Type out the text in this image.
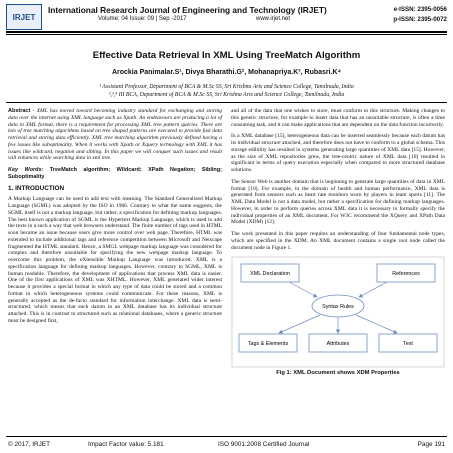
IRJET
International Research Journal of Engineering and Technology (IRJET)
Volume: 04 Issue: 09 | Sep -2017	www.irjet.net
e-ISSN: 2395-0056
p-ISSN: 2395-0072
Effective Data Retrieval In XML Using TreeMatch Algorithm
Arockia Panimalar.S¹, Divya Bharathi.G², Mohanapriya.K³, Rubasri.K⁴
¹ Assistant Professor, Department of BCA & M.Sc SS, Sri Krishna Arts and Science College, Tamilnadu, India
²,³,⁴ III BCA, Department of BCA & M.Sc SS, Sri Krishna Arts and Science College, Tamilnadu, India

Abstract - XML has moved toward becoming industry standard for exchanging and storing data over the internet using XML language such as Xpath. An endeavours are producing a lot of data in XML format, there is a requirement for processing XML tree pattern queries. There are lots of tree matching algorithms based on tree shaped patterns are executed to provide fast data retrieval and storing data efficiently. XML tree matching algorithm previously defined having a few issues like suboptimality. When it works with Xpath or Xquery technology with XML it has issues like wildcard, negation and sibling. In this paper we will conquer such issues and result will enhances while searching data in xml tree.

Key Words: TreeMatch algorithm; Wildcard; XPath Negation; Sibling; Suboptimality

1. INTRODUCTION

A Markup Language can be used to add text with meaning. The Standard Generalized Markup Language (SGML) was adopted by the ISO in 1986. Contrary to what the name suggests, the SGML itself is not a markup language, but rather, a specification for defining markup languages. The best known application of SGML is the Hypertext Markup Language, which is used to add the texts in a such a way that web browsers understand. The finite number of tags used in HTML soon became an issue because users give more control over web page. Therefore, HTML was extended to include additional tags and reference competition between Microsoft and Netscape fragmented the HTML standard. Hence, a SMGL webpage markup language was considered for complex and therefore unsuitable for specifying the new webpage markup language. To overcome this problem, the eXtensible Markup Language was introduced. XML is a specification language for defining markup languages. However, contrary to SGML, XML is human readable. Therefore, the development of applications that process XML data is easier. One of the first applications of XML was XHTML. However, XML generated wider interest because it provides a special format in which any type of data could be stored and a common format in which heterogeneous systems could communicate. For these reasons, XML is generally accepted as the de-facto standard for information interchange. XML data is semi-structured, which means that each datum in an XML database has its individual structure attached. This is in contrast to structured such as relational databases, where a generic structure must be designed first,

and all of the data that one wishes to store, must conform to this structure. Making changes to this generic structure, for example to insert data that has an unsuitable structure, is often a time consuming task, and it can make applications that are dependent on the data function incorrectly.

In a XML database [15], heterogeneous data can be inserted seamlessly because each datum has its individual structure attached, and therefore does not have to conform to a global schema. This storage edibility has resulted in systems generating large quantities of XML data [15]. However, as the size of XML repositories grew, the tree-centric nature of XML data [10] resulted in significant in terms of query execution especially when compared to more structured database solutions.

The Sensor Web is another domain that is beginning to generate large quantities of data in XML format [10]. For example, in the domain of health and human performance, XML data is generated from sensors such as heart rate monitors worn by players in team sports [11]. The XML Data Model is not a data model, but rather a specification for defining markup languages. However, in order to perform queries across XML data it is necessary to formally specify the individual properties of an XML document. For W3C recommend the XQuery and XPath Data Model (XDM) [12].

The work presented in this paper requires an understanding of four fundamental node types, which are specified in the XDM. An XML document contains a single root node called the document node in Figure 1.

XML Declaration	References
Syntax Rules
Tags & Elements	Attributes	Text
Fig 1: XML Document shows XDM Properties
© 2017, IRJET	Impact Factor value: 5.181	ISO 9001:2008 Certified Journal	Page 191
